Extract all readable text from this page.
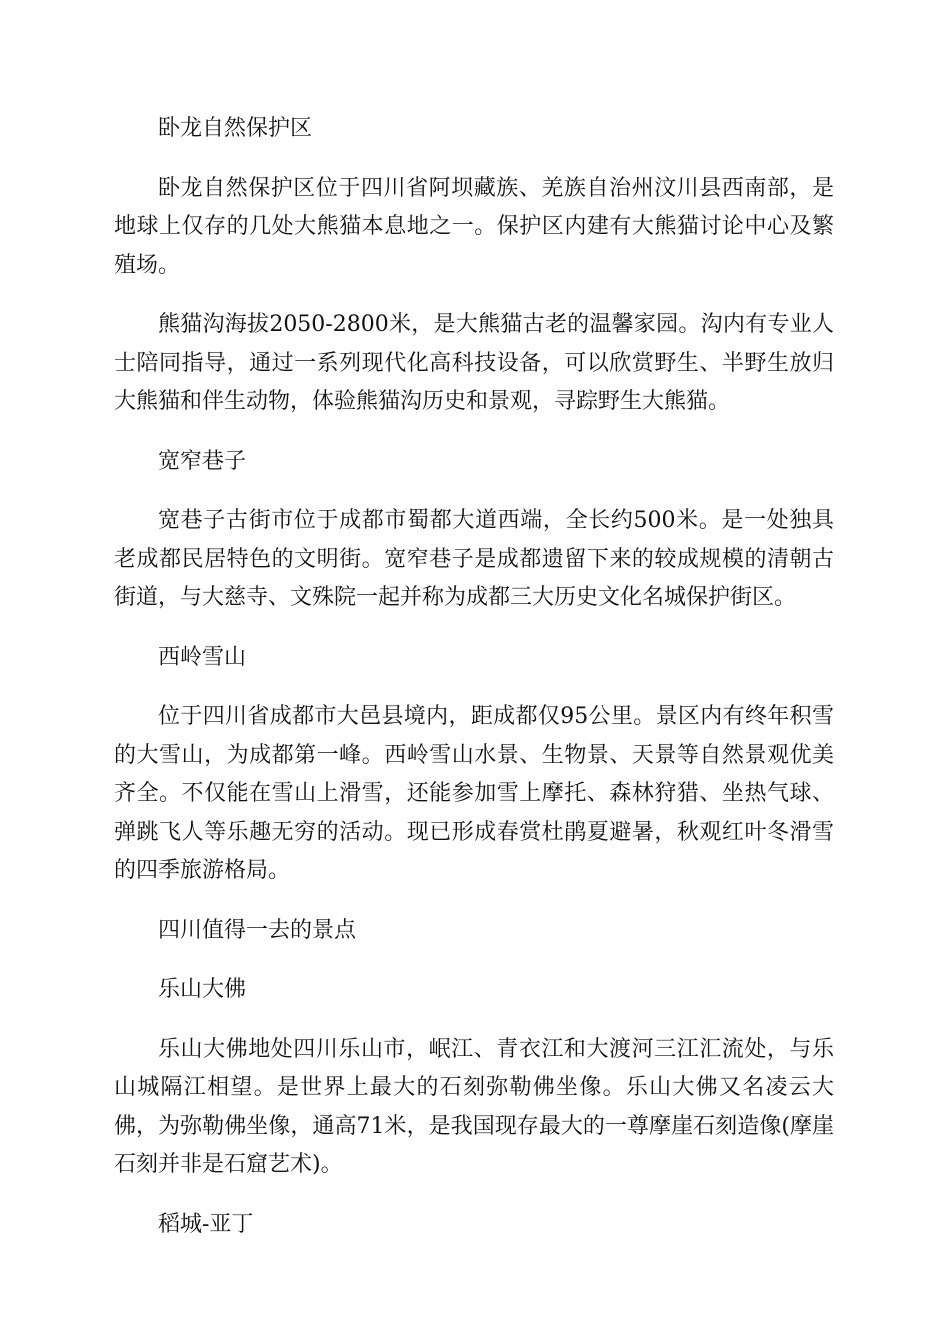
卧龙自然保护区

卧龙自然保护区位于四川省阿坝藏族、羌族自治州汶川县西南部，是地球上仅存的几处大熊猫本息地之一。保护区内建有大熊猫讨论中心及繁殖场。

熊猫沟海拔2050-2800米，是大熊猫古老的温馨家园。沟内有专业人士陪同指导，通过一系列现代化高科技设备，可以欣赏野生、半野生放归大熊猫和伴生动物，体验熊猫沟历史和景观，寻踪野生大熊猫。

宽窄巷子

宽巷子古街市位于成都市蜀都大道西端，全长约500米。是一处独具老成都民居特色的文明街。宽窄巷子是成都遗留下来的较成规模的清朝古街道，与大慈寺、文殊院一起并称为成都三大历史文化名城保护街区。

西岭雪山

位于四川省成都市大邑县境内，距成都仅95公里。景区内有终年积雪的大雪山，为成都第一峰。西岭雪山水景、生物景、天景等自然景观优美齐全。不仅能在雪山上滑雪，还能参加雪上摩托、森林狩猎、坐热气球、弹跳飞人等乐趣无穷的活动。现已形成春赏杜鹃夏避暑，秋观红叶冬滑雪的四季旅游格局。

四川值得一去的景点

乐山大佛

乐山大佛地处四川乐山市，岷江、青衣江和大渡河三江汇流处，与乐山城隔江相望。是世界上最大的石刻弥勒佛坐像。乐山大佛又名凌云大佛，为弥勒佛坐像，通高71米，是我国现存最大的一尊摩崖石刻造像(摩崖石刻并非是石窟艺术)。

稻城-亚丁
